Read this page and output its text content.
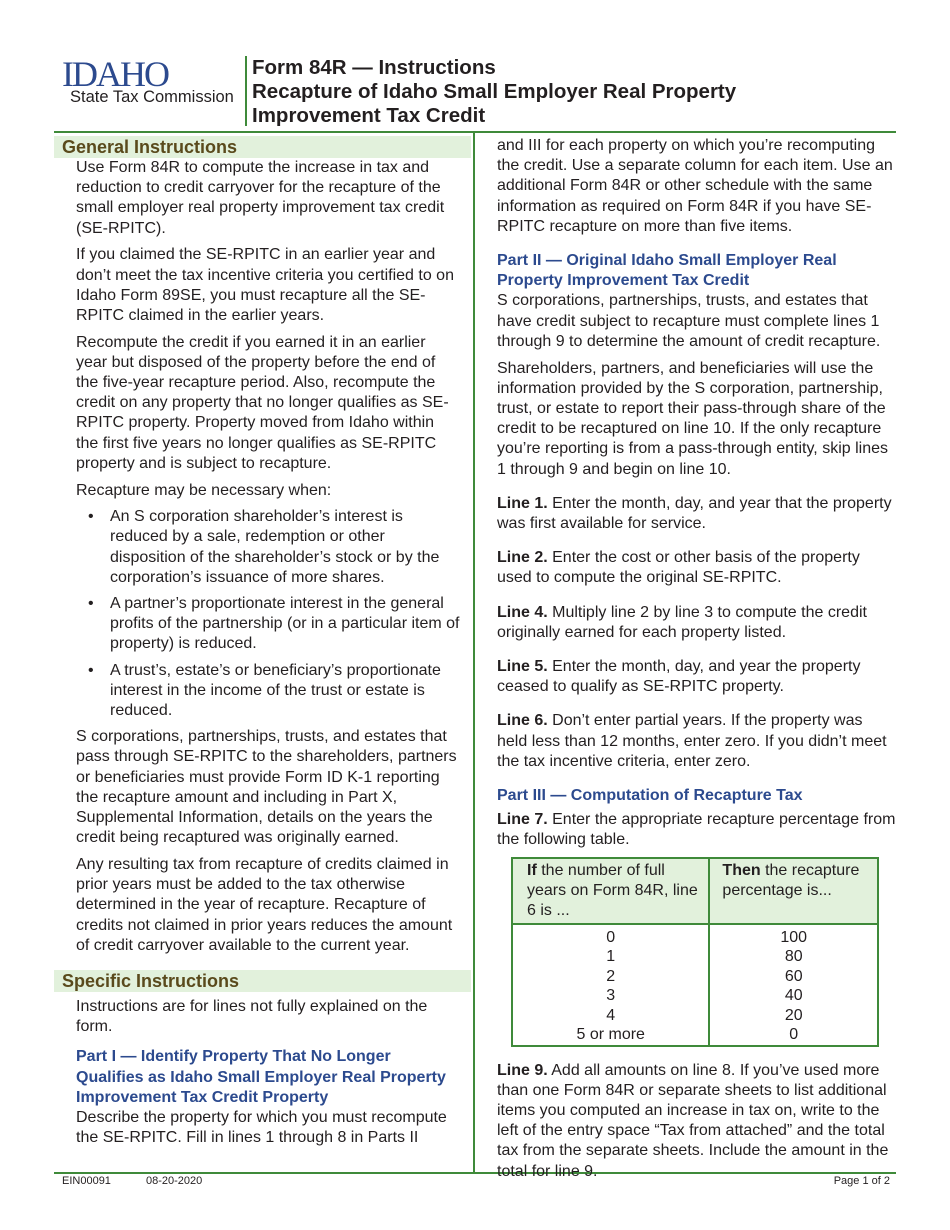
IDAHO
State Tax Commission
Form 84R — Instructions
Recapture of Idaho Small Employer Real Property
Improvement Tax Credit
General Instructions

Use Form 84R to compute the increase in tax and reduction to credit carryover for the recapture of the small employer real property improvement tax credit (SE-RPITC).

If you claimed the SE-RPITC in an earlier year and don’t meet the tax incentive criteria you certified to on Idaho Form 89SE, you must recapture all the SE-RPITC claimed in the earlier years.

Recompute the credit if you earned it in an earlier year but disposed of the property before the end of the five-year recapture period. Also, recompute the credit on any property that no longer qualifies as SE-RPITC property. Property moved from Idaho within the first five years no longer qualifies as SE-RPITC property and is subject to recapture.

Recapture may be necessary when:

• An S corporation shareholder’s interest is reduced by a sale, redemption or other disposition of the shareholder’s stock or by the corporation’s issuance of more shares.
• A partner’s proportionate interest in the general profits of the partnership (or in a particular item of property) is reduced.
• A trust’s, estate’s or beneficiary’s proportionate interest in the income of the trust or estate is reduced.

S corporations, partnerships, trusts, and estates that pass through SE-RPITC to the shareholders, partners or beneficiaries must provide Form ID K-1 reporting the recapture amount and including in Part X, Supplemental Information, details on the years the credit being recaptured was originally earned.

Any resulting tax from recapture of credits claimed in prior years must be added to the tax otherwise determined in the year of recapture. Recapture of credits not claimed in prior years reduces the amount of credit carryover available to the current year.

Specific Instructions

Instructions are for lines not fully explained on the form.

Part I — Identify Property That No Longer Qualifies as Idaho Small Employer Real Property Improvement Tax Credit Property

Describe the property for which you must recompute the SE-RPITC. Fill in lines 1 through 8 in Parts II

and III for each property on which you’re recomputing the credit. Use a separate column for each item. Use an additional Form 84R or other schedule with the same information as required on Form 84R if you have SE-RPITC recapture on more than five items.

Part II — Original Idaho Small Employer Real Property Improvement Tax Credit

S corporations, partnerships, trusts, and estates that have credit subject to recapture must complete lines 1 through 9 to determine the amount of credit recapture.

Shareholders, partners, and beneficiaries will use the information provided by the S corporation, partnership, trust, or estate to report their pass-through share of the credit to be recaptured on line 10. If the only recapture you’re reporting is from a pass-through entity, skip lines 1 through 9 and begin on line 10.

Line 1. Enter the month, day, and year that the property was first available for service.

Line 2. Enter the cost or other basis of the property used to compute the original SE-RPITC.

Line 4. Multiply line 2 by line 3 to compute the credit originally earned for each property listed.

Line 5. Enter the month, day, and year the property ceased to qualify as SE-RPITC property.

Line 6. Don’t enter partial years. If the property was held less than 12 months, enter zero. If you didn’t meet the tax incentive criteria, enter zero.

Part III — Computation of Recapture Tax

Line 7. Enter the appropriate recapture percentage from the following table.

If the number of full years on Form 84R, line 6 is ...	Then the recapture percentage is...
0	100
1	80
2	60
3	40
4	20
5 or more	0

Line 9. Add all amounts on line 8. If you’ve used more than one Form 84R or separate sheets to list additional items you computed an increase in tax on, write to the left of the entry space “Tax from attached” and the total tax from the separate sheets. Include the amount in the total for line 9.

EIN00091	08-20-2020	Page 1 of 2
